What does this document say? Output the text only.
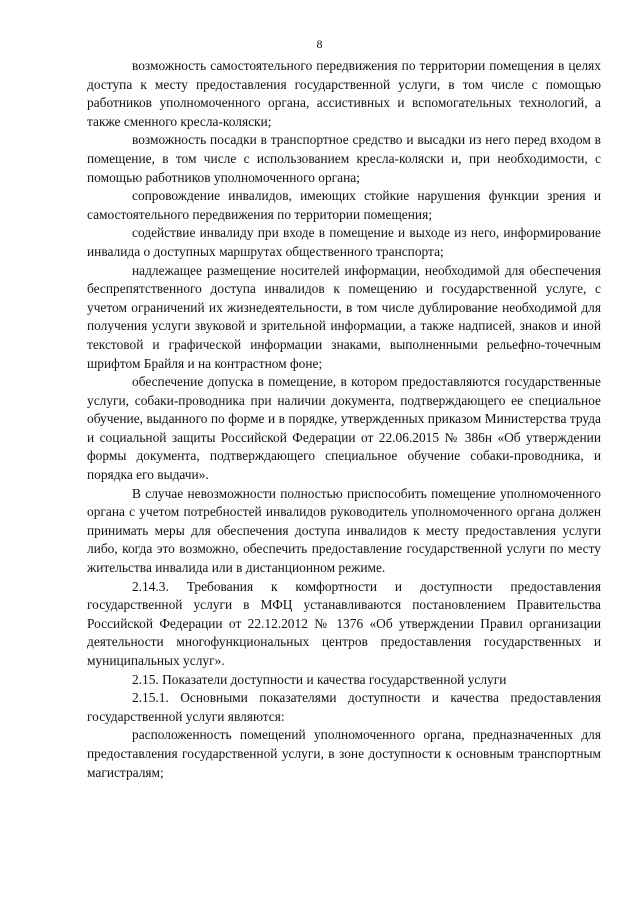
8

возможность самостоятельного передвижения по территории помещения в целях доступа к месту предоставления государственной услуги, в том числе с помощью работников уполномоченного органа, ассистивных и вспомогательных технологий, а также сменного кресла-коляски;

возможность посадки в транспортное средство и высадки из него перед входом в помещение, в том числе с использованием кресла-коляски и, при необходимости, с помощью работников уполномоченного органа;

сопровождение инвалидов, имеющих стойкие нарушения функции зрения и самостоятельного передвижения по территории помещения;

содействие инвалиду при входе в помещение и выходе из него, информирование инвалида о доступных маршрутах общественного транспорта;

надлежащее размещение носителей информации, необходимой для обеспечения беспрепятственного доступа инвалидов к помещению и государственной услуге, с учетом ограничений их жизнедеятельности, в том числе дублирование необходимой для получения услуги звуковой и зрительной информации, а также надписей, знаков и иной текстовой и графической информации знаками, выполненными рельефно-точечным шрифтом Брайля и на контрастном фоне;

обеспечение допуска в помещение, в котором предоставляются государственные услуги, собаки-проводника при наличии документа, подтверждающего ее специальное обучение, выданного по форме и в порядке, утвержденных приказом Министерства труда и социальной защиты Российской Федерации от 22.06.2015 № 386н «Об утверждении формы документа, подтверждающего специальное обучение собаки-проводника, и порядка его выдачи».

В случае невозможности полностью приспособить помещение уполномоченного органа с учетом потребностей инвалидов руководитель уполномоченного органа должен принимать меры для обеспечения доступа инвалидов к месту предоставления услуги либо, когда это возможно, обеспечить предоставление государственной услуги по месту жительства инвалида или в дистанционном режиме.

2.14.3. Требования к комфортности и доступности предоставления государственной услуги в МФЦ устанавливаются постановлением Правительства Российской Федерации от 22.12.2012 № 1376 «Об утверждении Правил организации деятельности многофункциональных центров предоставления государственных и муниципальных услуг».

2.15. Показатели доступности и качества государственной услуги

2.15.1. Основными показателями доступности и качества предоставления государственной услуги являются:

расположенность помещений уполномоченного органа, предназначенных для предоставления государственной услуги, в зоне доступности к основным транспортным магистралям;
